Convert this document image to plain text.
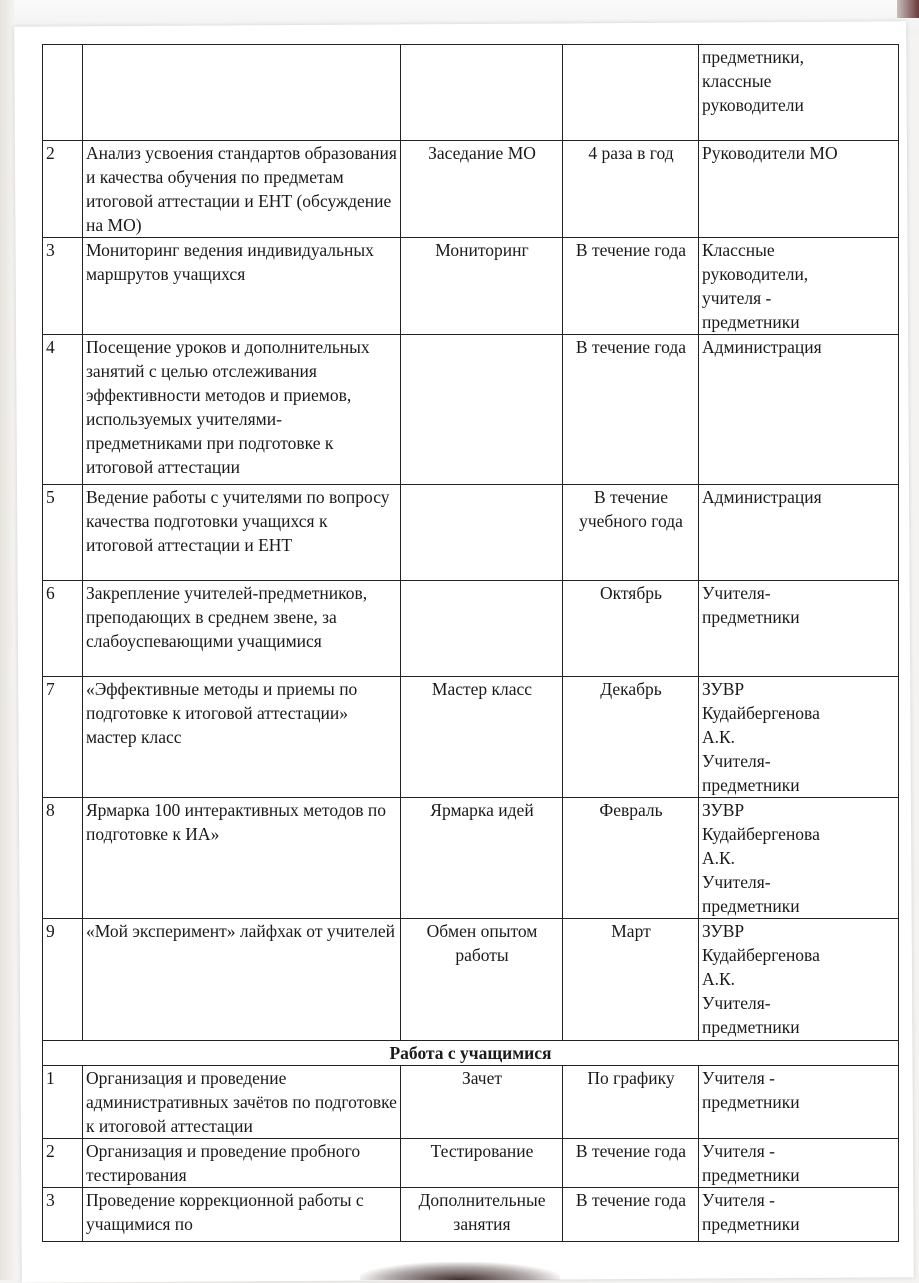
				предметники,
классные
руководители
2	Анализ усвоения стандартов образования и качества обучения по предметам итоговой аттестации и ЕНТ (обсуждение на МО)	Заседание МО	4 раза в год	Руководители МО
3	Мониторинг ведения индивидуальных маршрутов учащихся	Мониторинг	В течение года	Классные
руководители,
учителя -
предметники
4	Посещение уроков и дополнительных занятий с целью отслеживания эффективности методов и приемов, используемых учителями-предметниками при подготовке к итоговой аттестации		В течение года	Администрация
5	Ведение работы с учителями по вопросу качества подготовки учащихся к итоговой аттестации и ЕНТ		В течение учебного года	Администрация
6	Закрепление учителей-предметников, преподающих в среднем звене, за слабоуспевающими учащимися		Октябрь	Учителя-
предметники
7	«Эффективные методы и приемы по подготовке к итоговой аттестации» мастер класс	Мастер класс	Декабрь	ЗУВР
Кудайбергенова
А.К.
Учителя-
предметники
8	Ярмарка 100 интерактивных методов по подготовке к ИА»	Ярмарка идей	Февраль	ЗУВР
Кудайбергенова
А.К.
Учителя-
предметники
9	«Мой эксперимент» лайфхак от учителей	Обмен опытом работы	Март	ЗУВР
Кудайбергенова
А.К.
Учителя-
предметники
Работа с учащимися				
1	Организация и проведение административных зачётов по подготовке к итоговой аттестации	Зачет	По графику	Учителя -
предметники
2	Организация и проведение пробного тестирования	Тестирование	В течение года	Учителя -
предметники
3	Проведение коррекционной работы с учащимися по	Дополнительные занятия	В течение года	Учителя -
предметники
